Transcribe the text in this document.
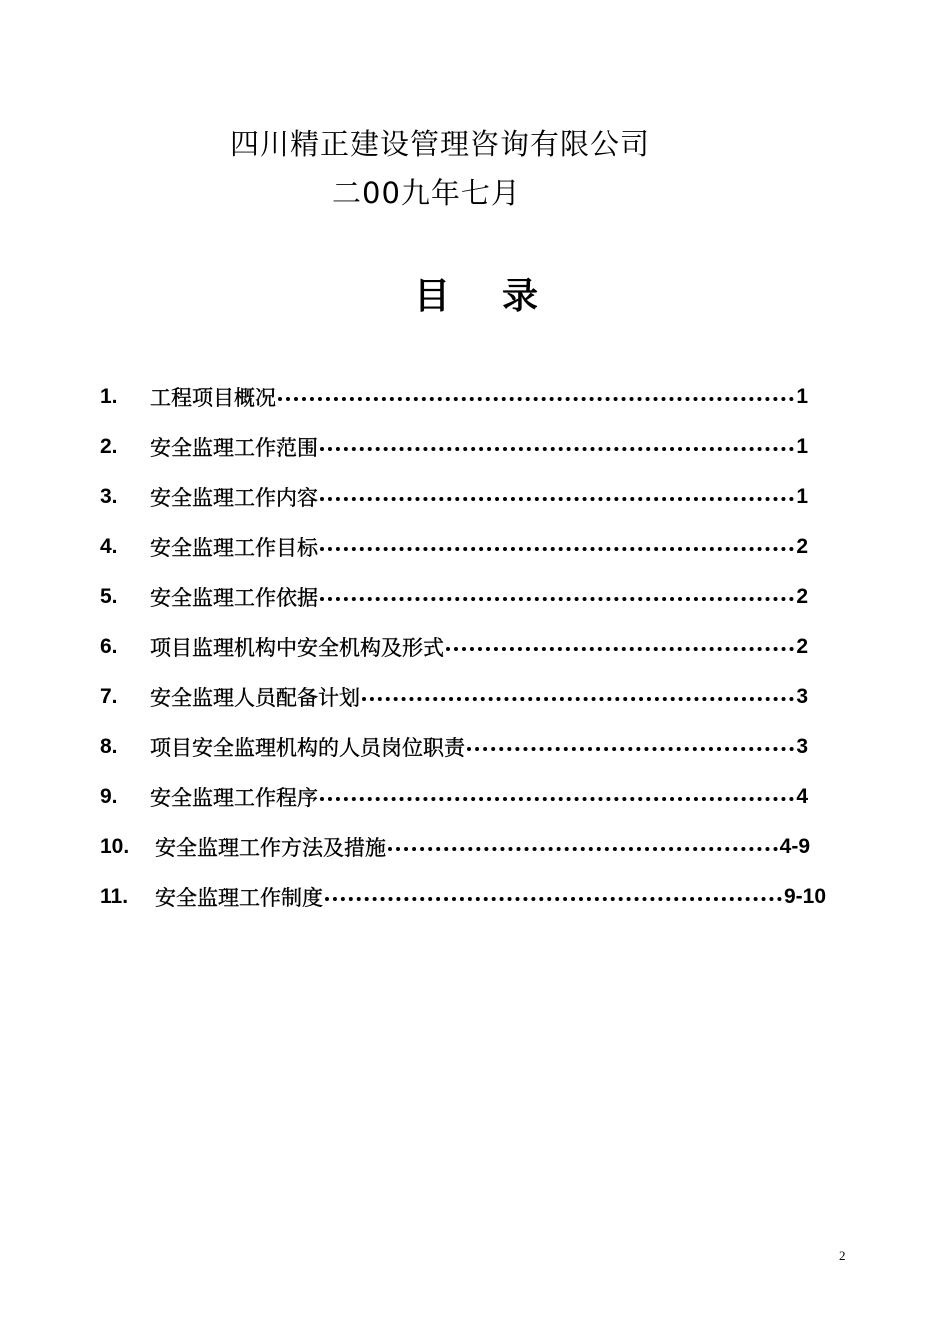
四川精正建设管理咨询有限公司
二00九年七月
目 录
1.	工程项目概况	1
2.	安全监理工作范围	1
3.	安全监理工作内容	1
4.	安全监理工作目标	2
5.	安全监理工作依据	2
6.	项目监理机构中安全机构及形式	2
7.	安全监理人员配备计划	3
8.	项目安全监理机构的人员岗位职责	3
9.	安全监理工作程序	4
10.	安全监理工作方法及措施	4-9
11.	安全监理工作制度	9-10
2
